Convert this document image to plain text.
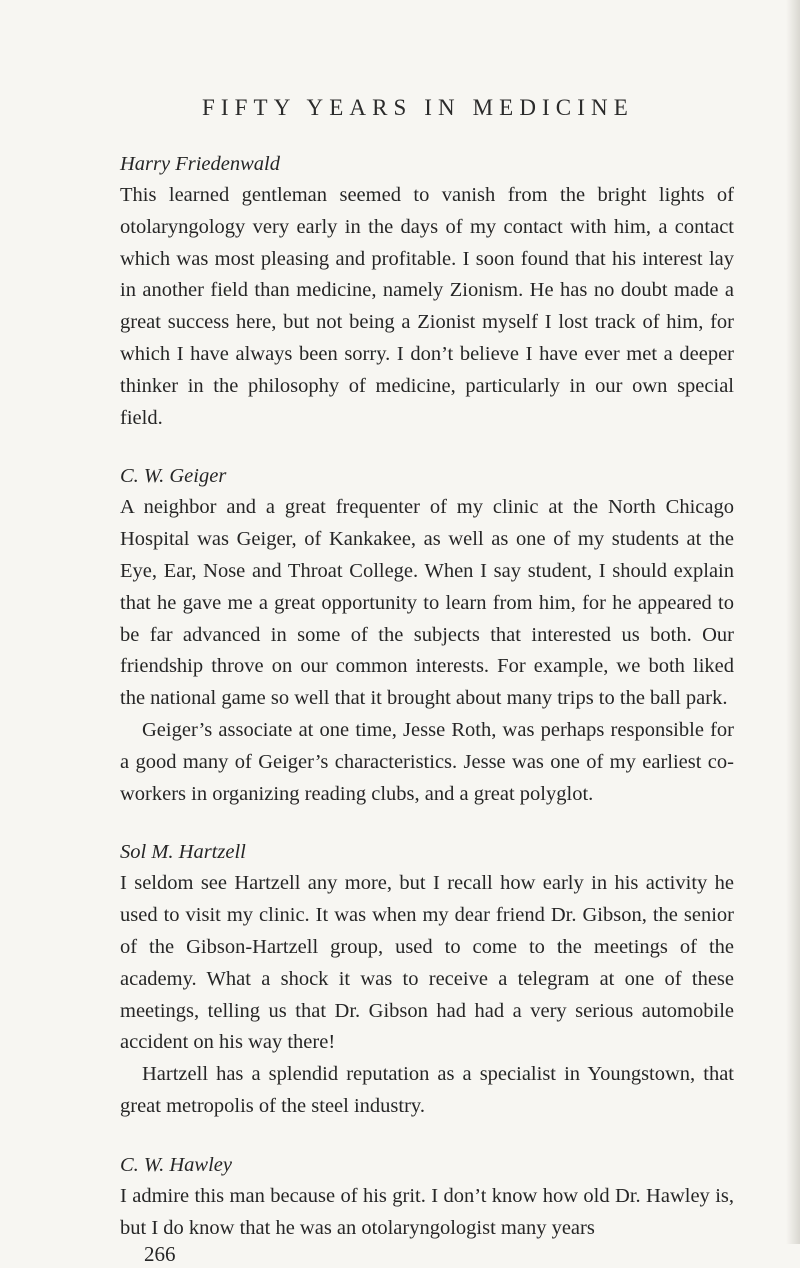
FIFTY YEARS IN MEDICINE

Harry Friedenwald

This learned gentleman seemed to vanish from the bright lights of otolaryngology very early in the days of my contact with him, a contact which was most pleasing and profitable. I soon found that his interest lay in another field than medicine, namely Zionism. He has no doubt made a great success here, but not being a Zionist myself I lost track of him, for which I have always been sorry. I don’t believe I have ever met a deeper thinker in the philosophy of medicine, particularly in our own special field.

C. W. Geiger

A neighbor and a great frequenter of my clinic at the North Chicago Hospital was Geiger, of Kankakee, as well as one of my students at the Eye, Ear, Nose and Throat College. When I say student, I should explain that he gave me a great opportunity to learn from him, for he appeared to be far advanced in some of the subjects that interested us both. Our friendship throve on our common interests. For example, we both liked the national game so well that it brought about many trips to the ball park.

Geiger’s associate at one time, Jesse Roth, was perhaps responsible for a good many of Geiger’s characteristics. Jesse was one of my earliest co-workers in organizing reading clubs, and a great polyglot.

Sol M. Hartzell

I seldom see Hartzell any more, but I recall how early in his activity he used to visit my clinic. It was when my dear friend Dr. Gibson, the senior of the Gibson-Hartzell group, used to come to the meetings of the academy. What a shock it was to receive a telegram at one of these meetings, telling us that Dr. Gibson had had a very serious automobile accident on his way there!

Hartzell has a splendid reputation as a specialist in Youngstown, that great metropolis of the steel industry.

C. W. Hawley

I admire this man because of his grit. I don’t know how old Dr. Hawley is, but I do know that he was an otolaryngologist many years

266
